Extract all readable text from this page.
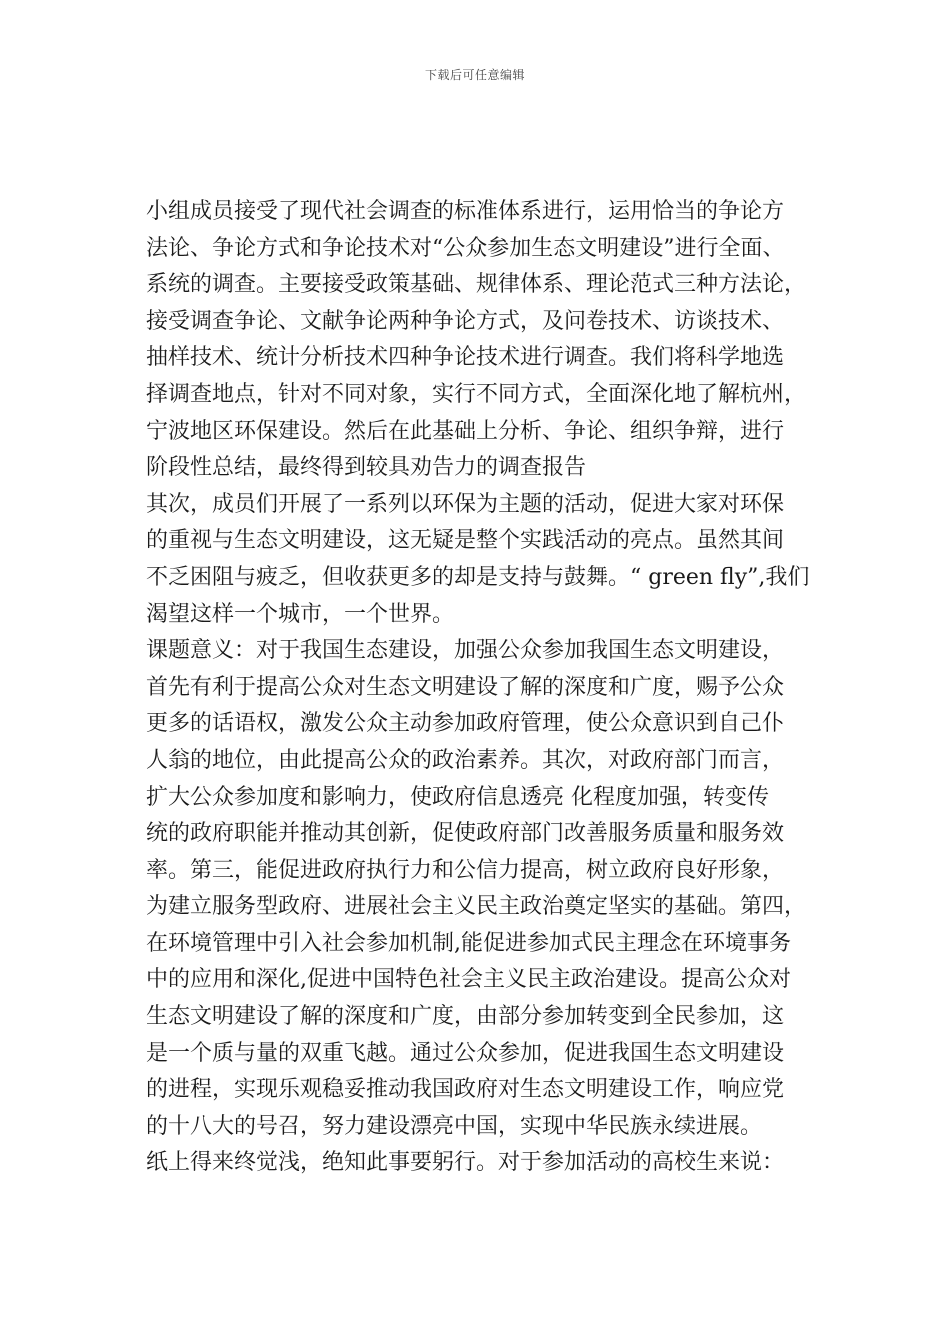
下载后可任意编辑
小组成员接受了现代社会调查的标准体系进行，运用恰当的争论方
法论、争论方式和争论技术对“公众参加生态文明建设”进行全面、
系统的调查。主要接受政策基础、规律体系、理论范式三种方法论，
接受调查争论、文献争论两种争论方式，及问卷技术、访谈技术、
抽样技术、统计分析技术四种争论技术进行调查。我们将科学地选
择调查地点，针对不同对象，实行不同方式，全面深化地了解杭州，
宁波地区环保建设。然后在此基础上分析、争论、组织争辩，进行
阶段性总结，最终得到较具劝告力的调查报告
其次，成员们开展了一系列以环保为主题的活动，促进大家对环保
的重视与生态文明建设，这无疑是整个实践活动的亮点。虽然其间
不乏困阻与疲乏，但收获更多的却是支持与鼓舞。“ green fly”,我们
渴望这样一个城市，一个世界。
课题意义：对于我国生态建设，加强公众参加我国生态文明建设，
首先有利于提高公众对生态文明建设了解的深度和广度，赐予公众
更多的话语权，激发公众主动参加政府管理，使公众意识到自己仆
人翁的地位，由此提高公众的政治素养。其次，对政府部门而言，
扩大公众参加度和影响力，使政府信息透亮 化程度加强，转变传
统的政府职能并推动其创新，促使政府部门改善服务质量和服务效
率。第三，能促进政府执行力和公信力提高，树立政府良好形象，
为建立服务型政府、进展社会主义民主政治奠定坚实的基础。第四，
在环境管理中引入社会参加机制,能促进参加式民主理念在环境事务
中的应用和深化,促进中国特色社会主义民主政治建设。提高公众对
生态文明建设了解的深度和广度，由部分参加转变到全民参加，这
是一个质与量的双重飞越。通过公众参加，促进我国生态文明建设
的进程，实现乐观稳妥推动我国政府对生态文明建设工作，响应党
的十八大的号召，努力建设漂亮中国，实现中华民族永续进展。
纸上得来终觉浅，绝知此事要躬行。对于参加活动的高校生来说：
